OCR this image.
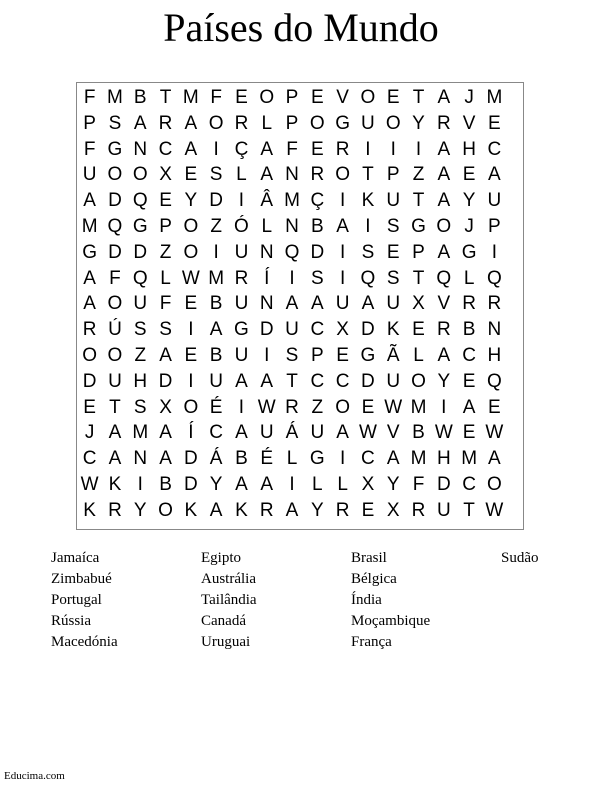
Países do Mundo
F M B T M F E O P E V O E T A J M
P S A R A O R L P O G U O Y R V E
F G N C A I Ç A F E R I	I	I A H C
U O O X E S L A N R O T P Z A E A
A D Q E Y D I Â M Ç I K U T A Y U
M Q G P O Z Ó L N B A I S G O J P
G D D Z O I U N Q D I S E P A G I
A F Q L W M R Í	I S I Q S T Q L Q
A O U F E B U N A A U A U X V R R
R Ú S S I A G D U C X D K E R B N
O O Z A E B U I S P E G Ã L A C H
D U H D I U A A T C C D U O Y E Q
E T S X O É I W R Z O E W M I A E
J A M A Í C A U Á U A W V B W E W
C A N A D Á B É L G I C A M H M A
W K I B D Y A A I L L X Y F D C O
K R Y O K A K R A Y R E X R U T W
Jamaíca	Egipto	Brasil	Sudão
Zimbabué	Austrália	Bélgica
Portugal	Tailândia	Índia
Rússia	Canadá	Moçambique
Macedónia	Uruguai	França
Educima.com
